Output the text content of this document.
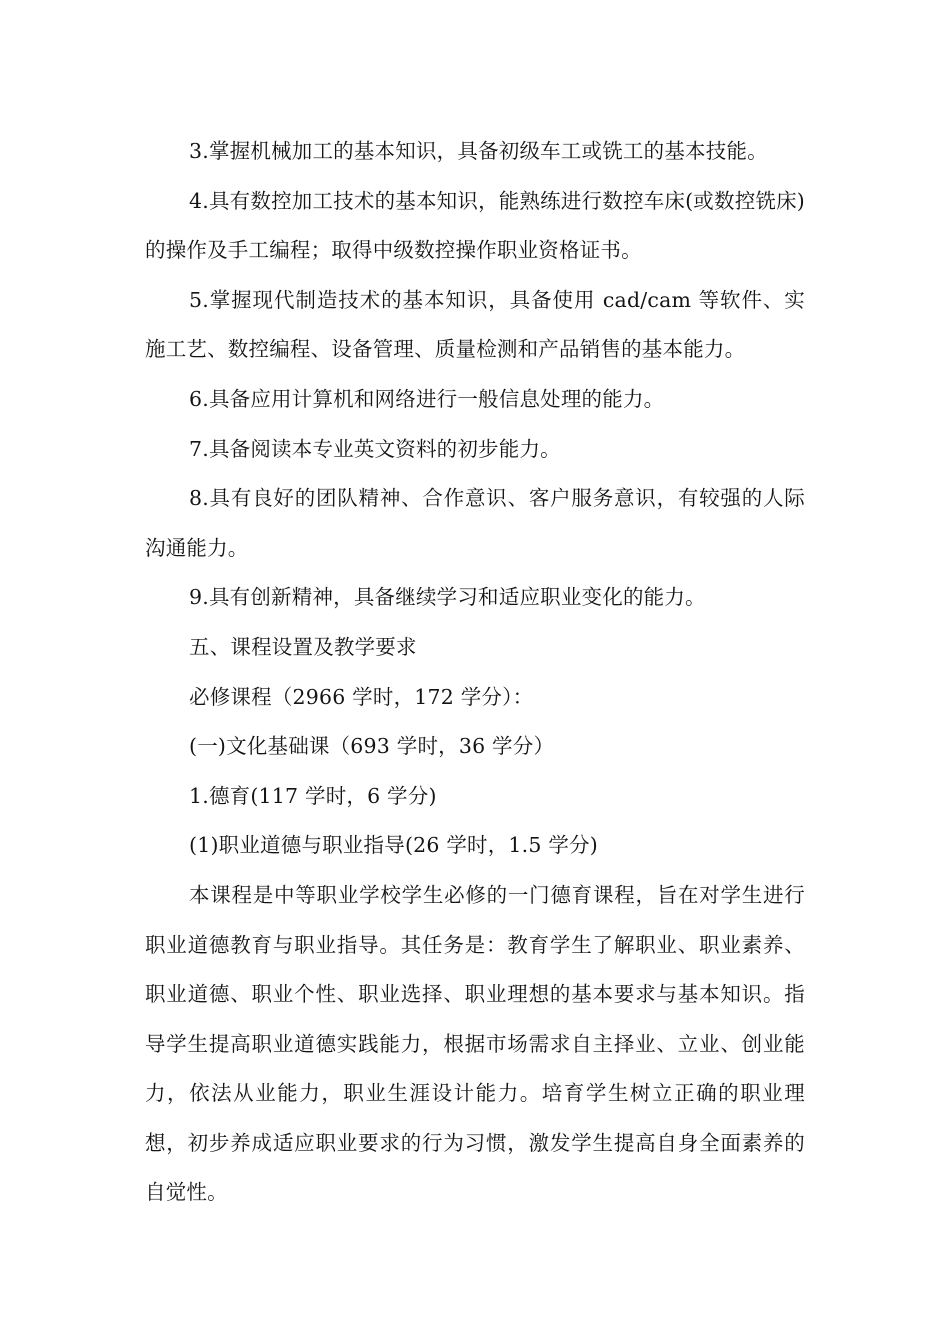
3.掌握机械加工的基本知识，具备初级车工或铣工的基本技能。

4.具有数控加工技术的基本知识，能熟练进行数控车床(或数控铣床)的操作及手工编程；取得中级数控操作职业资格证书。

5.掌握现代制造技术的基本知识，具备使用 cad/cam 等软件、实施工艺、数控编程、设备管理、质量检测和产品销售的基本能力。

6.具备应用计算机和网络进行一般信息处理的能力。

7.具备阅读本专业英文资料的初步能力。

8.具有良好的团队精神、合作意识、客户服务意识，有较强的人际沟通能力。

9.具有创新精神，具备继续学习和适应职业变化的能力。

五、课程设置及教学要求

必修课程（2966 学时，172 学分）：

(一)文化基础课（693 学时，36 学分）

1.德育(117 学时，6 学分)

(1)职业道德与职业指导(26 学时，1.5 学分)

本课程是中等职业学校学生必修的一门德育课程，旨在对学生进行职业道德教育与职业指导。其任务是：教育学生了解职业、职业素养、职业道德、职业个性、职业选择、职业理想的基本要求与基本知识。指导学生提高职业道德实践能力，根据市场需求自主择业、立业、创业能力，依法从业能力，职业生涯设计能力。培育学生树立正确的职业理想，初步养成适应职业要求的行为习惯，激发学生提高自身全面素养的自觉性。
